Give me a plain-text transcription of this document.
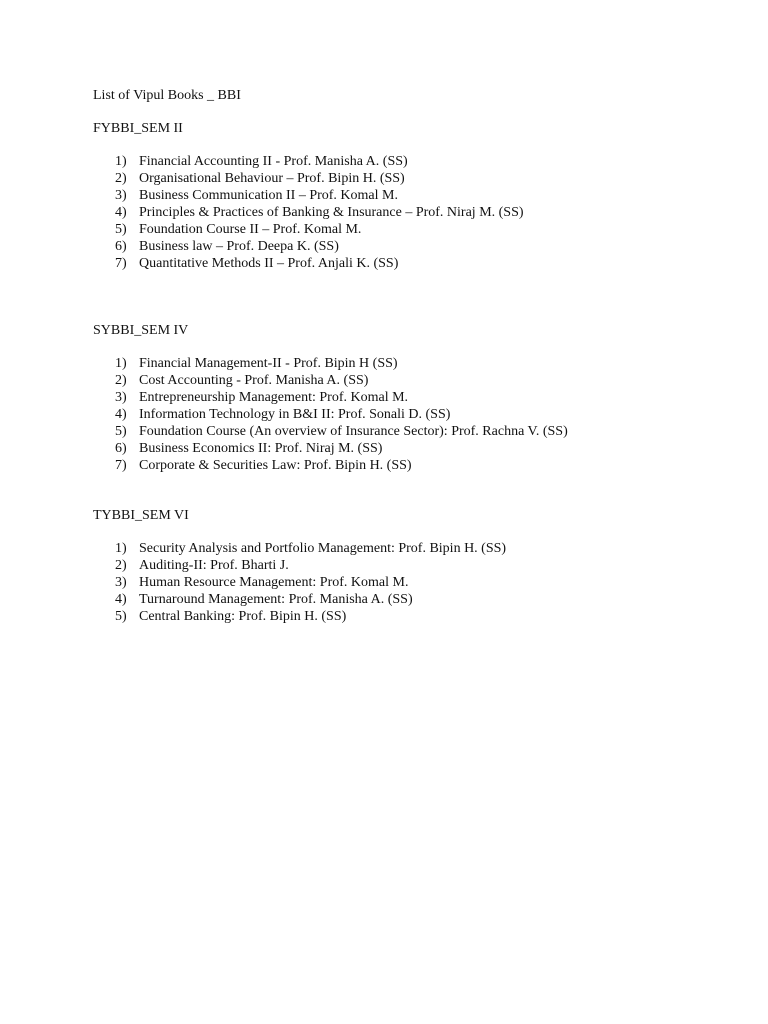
List of Vipul Books _ BBI
FYBBI_SEM II
1) Financial Accounting II - Prof. Manisha A. (SS)
2) Organisational Behaviour – Prof. Bipin H. (SS)
3) Business Communication II – Prof. Komal M.
4) Principles & Practices of Banking & Insurance – Prof. Niraj M. (SS)
5) Foundation Course II – Prof. Komal M.
6) Business law – Prof. Deepa K. (SS)
7) Quantitative Methods II – Prof. Anjali K. (SS)
SYBBI_SEM IV
1) Financial Management-II - Prof. Bipin H (SS)
2) Cost Accounting - Prof. Manisha A. (SS)
3) Entrepreneurship Management: Prof. Komal M.
4) Information Technology in B&I II: Prof. Sonali D. (SS)
5) Foundation Course (An overview of Insurance Sector): Prof. Rachna V. (SS)
6) Business Economics II: Prof. Niraj M. (SS)
7) Corporate & Securities Law: Prof. Bipin H. (SS)
TYBBI_SEM VI
1) Security Analysis and Portfolio Management: Prof. Bipin H. (SS)
2) Auditing-II: Prof. Bharti J.
3) Human Resource Management: Prof. Komal M.
4) Turnaround Management: Prof. Manisha A. (SS)
5) Central Banking: Prof. Bipin H. (SS)
